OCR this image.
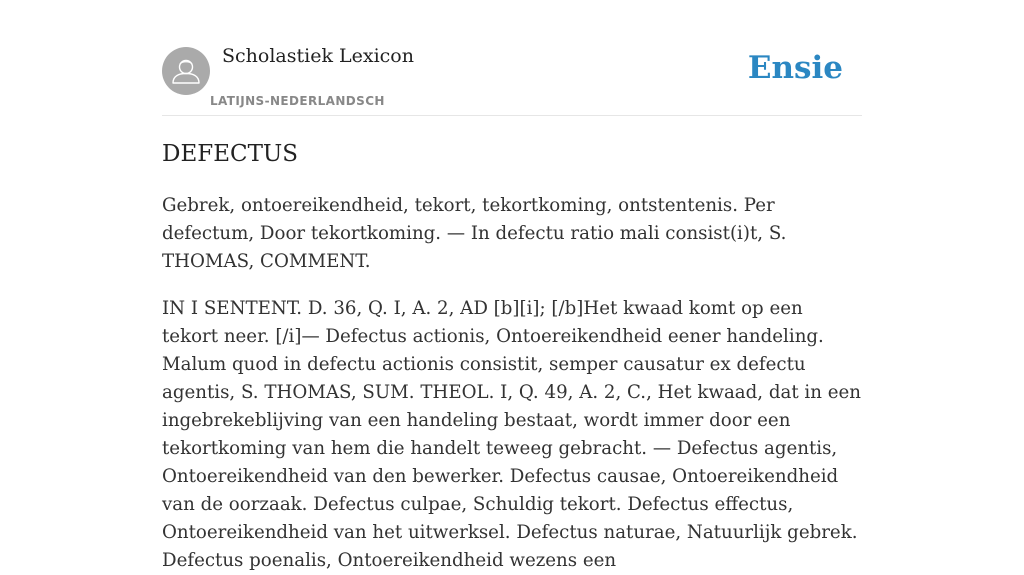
Scholastiek Lexicon
LATIJNS-NEDERLANDSCH
Ensie
DEFECTUS

Gebrek, ontoereikendheid, tekort, tekortkoming, ontstentenis. Per defectum, Door tekortkoming. — In defectu ratio mali consist(i)t, S. THOMAS, COMMENT.

IN I SENTENT. D. 36, Q. I, A. 2, AD [b][i]; [/b]Het kwaad komt op een tekort neer. [/i]— Defectus actionis, Ontoereikendheid eener handeling. Malum quod in defectu actionis consistit, semper causatur ex defectu agentis, S. THOMAS, SUM. THEOL. I, Q. 49, A. 2, C., Het kwaad, dat in een ingebrekeblijving van een handeling bestaat, wordt immer door een tekortkoming van hem die handelt teweeg gebracht. — Defectus agentis, Ontoereikendheid van den bewerker. Defectus causae, Ontoereikendheid van de oorzaak. Defectus culpae, Schuldig tekort. Defectus effectus, Ontoereikendheid van het uitwerksel. Defectus naturae, Natuurlijk gebrek. Defectus poenalis, Ontoereikendheid wezens een
